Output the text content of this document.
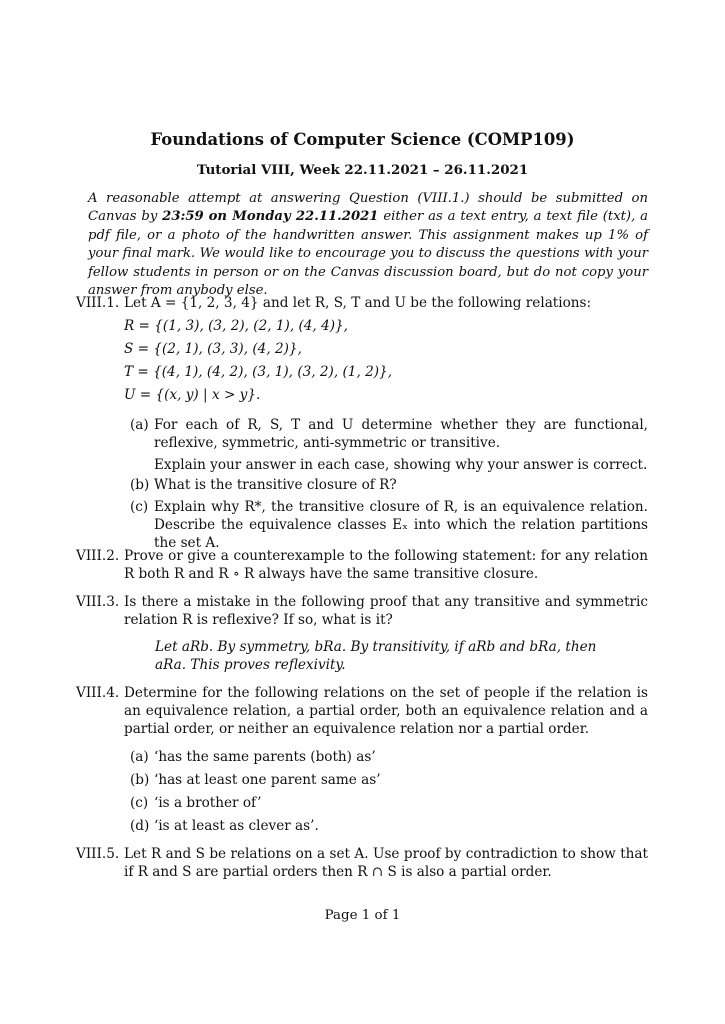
Foundations of Computer Science (COMP109)
Tutorial VIII, Week 22.11.2021 – 26.11.2021
A reasonable attempt at answering Question (VIII.1.) should be submitted on Canvas by 23:59 on Monday 22.11.2021 either as a text entry, a text file (txt), a pdf file, or a photo of the handwritten answer. This assignment makes up 1% of your final mark. We would like to encourage you to discuss the questions with your fellow students in person or on the Canvas discussion board, but do not copy your answer from anybody else.
VIII.1. Let A = {1, 2, 3, 4} and let R, S, T and U be the following relations:
R = {(1, 3), (3, 2), (2, 1), (4, 4)},
S = {(2, 1), (3, 3), (4, 2)},
T = {(4, 1), (4, 2), (3, 1), (3, 2), (1, 2)},
U = {(x, y) | x > y}.
(a) For each of R, S, T and U determine whether they are functional, reflexive, symmetric, anti-symmetric or transitive.
Explain your answer in each case, showing why your answer is correct.
(b) What is the transitive closure of R?
(c) Explain why R*, the transitive closure of R, is an equivalence relation. Describe the equivalence classes Eₓ into which the relation partitions the set A.
VIII.2. Prove or give a counterexample to the following statement: for any relation R both R and R ∘ R always have the same transitive closure.
VIII.3. Is there a mistake in the following proof that any transitive and symmetric relation R is reflexive? If so, what is it?
Let aRb. By symmetry, bRa. By transitivity, if aRb and bRa, then aRa. This proves reflexivity.
VIII.4. Determine for the following relations on the set of people if the relation is an equivalence relation, a partial order, both an equivalence relation and a partial order, or neither an equivalence relation nor a partial order.
(a) ‘has the same parents (both) as’
(b) ‘has at least one parent same as’
(c) ‘is a brother of’
(d) ‘is at least as clever as’.
VIII.5. Let R and S be relations on a set A. Use proof by contradiction to show that if R and S are partial orders then R ∩ S is also a partial order.
Page 1 of 1
